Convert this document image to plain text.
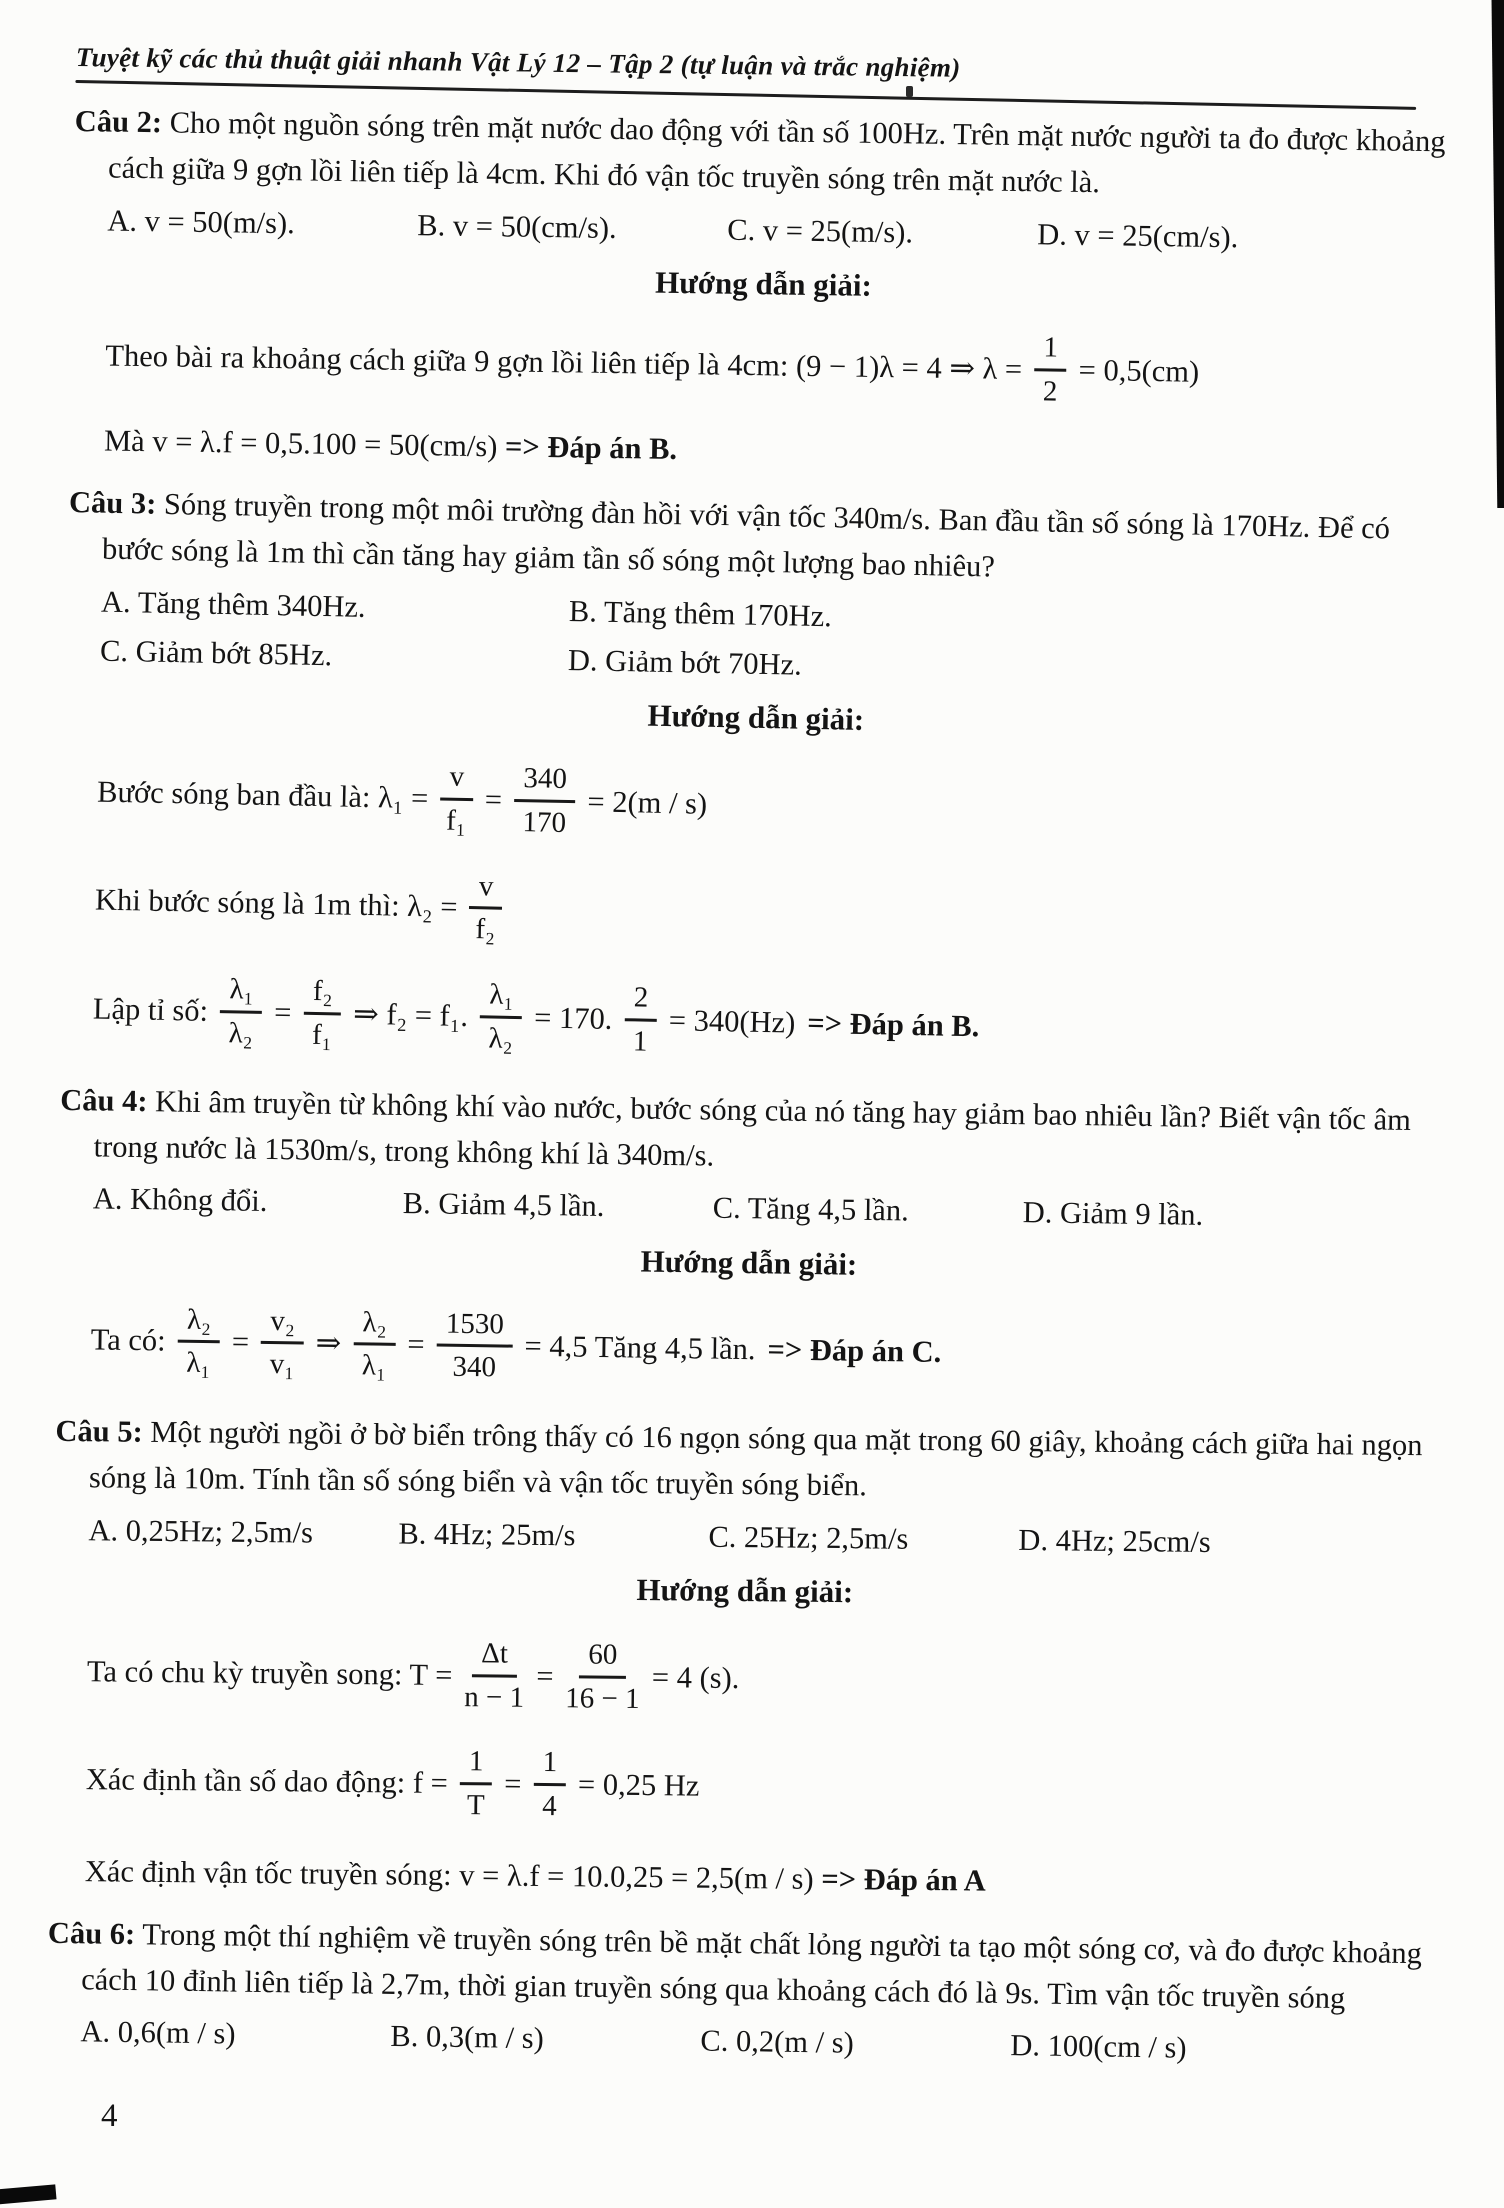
Tuyệt kỹ các thủ thuật giải nhanh Vật Lý 12 – Tập 2 (tự luận và trắc nghiệm)

Câu 2: Cho một nguồn sóng trên mặt nước dao động với tần số 100Hz. Trên mặt nước người ta đo được khoảng cách giữa 9 gợn lồi liên tiếp là 4cm. Khi đó vận tốc truyền sóng trên mặt nước là.

A. v = 50(m/s).	B. v = 50(cm/s).	C. v = 25(m/s).	D. v = 25(cm/s).

Hướng dẫn giải:

Theo bài ra khoảng cách giữa 9 gợn lồi liên tiếp là 4cm: (9 − 1)λ = 4 ⇒ $\lambda = \frac{1}{2} = 0,5(cm)$

Mà v = λ.f = 0,5.100 = 50(cm/s) => Đáp án B.

Câu 3: Sóng truyền trong một môi trường đàn hồi với vận tốc 340m/s. Ban đầu tần số sóng là 170Hz. Để có bước sóng là 1m thì cần tăng hay giảm tần số sóng một lượng bao nhiêu?

A. Tăng thêm 340Hz.	B. Tăng thêm 170Hz.
C. Giảm bớt 85Hz.	D. Giảm bớt 70Hz.

Hướng dẫn giải:

Bước sóng ban đầu là: $\lambda_1 = \frac{v}{\text{f₁}} = \frac{340}{170} = 2(m / s)$
Khi bước sóng là 1m thì: $\lambda_2 = \frac{v}{\text{f₂}}$
Lập tỉ số: $\frac{\text{λ₁}}{\text{λ₂}} = \frac{\text{f₂}}{\text{f₁}}$ ⇒ f₂ = f₁. $\frac{\text{λ₁}}{\text{λ₂}} = 170$. $\frac{2}{1} = 340(Hz)$ => Đáp án B.

Câu 4: Khi âm truyền từ không khí vào nước, bước sóng của nó tăng hay giảm bao nhiêu lần? Biết vận tốc âm trong nước là 1530m/s, trong không khí là 340m/s.

A. Không đổi.	B. Giảm 4,5 lần.	C. Tăng 4,5 lần.	D. Giảm 9 lần.

Hướng dẫn giải:

Ta có: $\frac{\text{λ₂}}{\text{λ₁}} = \frac{\text{v₂}}{\text{v₁}}$ ⇒ $\frac{\text{λ₂}}{\text{λ₁}} = \frac{1530}{340} = 4,5$ Tăng 4,5 lần. => Đáp án C.

Câu 5: Một người ngồi ở bờ biển trông thấy có 16 ngọn sóng qua mặt trong 60 giây, khoảng cách giữa hai ngọn sóng là 10m. Tính tần số sóng biển và vận tốc truyền sóng biển.

A. 0,25Hz; 2,5m/s	B. 4Hz; 25m/s	C. 25Hz; 2,5m/s	D. 4Hz; 25cm/s

Hướng dẫn giải:

Ta có chu kỳ truyền song: $T = \frac{\Delta t}{n - 1} = \frac{60}{16 - 1} = 4$ (s).
Xác định tần số dao động: $f = \frac{1}{T} = \frac{1}{4} = 0,25$ Hz

Xác định vận tốc truyền sóng: v = λ.f = 10.0,25 = 2,5(m / s) => Đáp án A

Câu 6: Trong một thí nghiệm về truyền sóng trên bề mặt chất lỏng người ta tạo một sóng cơ, và đo được khoảng cách 10 đỉnh liên tiếp là 2,7m, thời gian truyền sóng qua khoảng cách đó là 9s. Tìm vận tốc truyền sóng

A. 0,6(m / s)	B. 0,3(m / s)	C. 0,2(m / s)	D. 100(cm / s)
4
